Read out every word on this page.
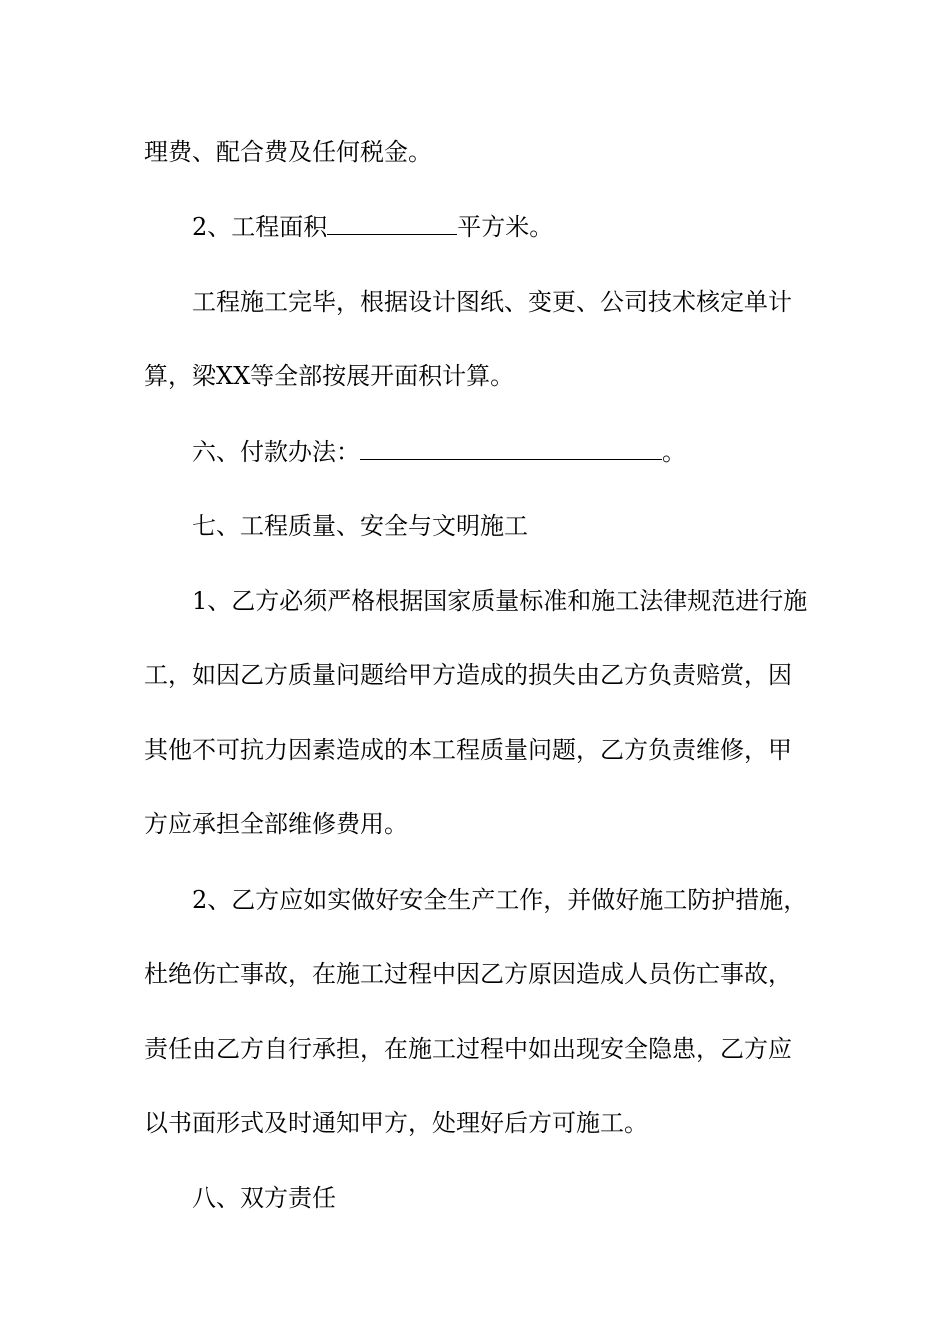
理费、配合费及任何税金。
2、工程面积	平方米。
工程施工完毕，根据设计图纸、变更、公司技术核定单计
算，梁XX等全部按展开面积计算。
六、付款办法：	。
七、工程质量、安全与文明施工
1、乙方必须严格根据国家质量标准和施工法律规范进行施
工，如因乙方质量问题给甲方造成的损失由乙方负责赔赏，因
其他不可抗力因素造成的本工程质量问题，乙方负责维修，甲
方应承担全部维修费用。
2、乙方应如实做好安全生产工作，并做好施工防护措施，
杜绝伤亡事故，在施工过程中因乙方原因造成人员伤亡事故，
责任由乙方自行承担，在施工过程中如出现安全隐患，乙方应
以书面形式及时通知甲方，处理好后方可施工。
八、双方责任
